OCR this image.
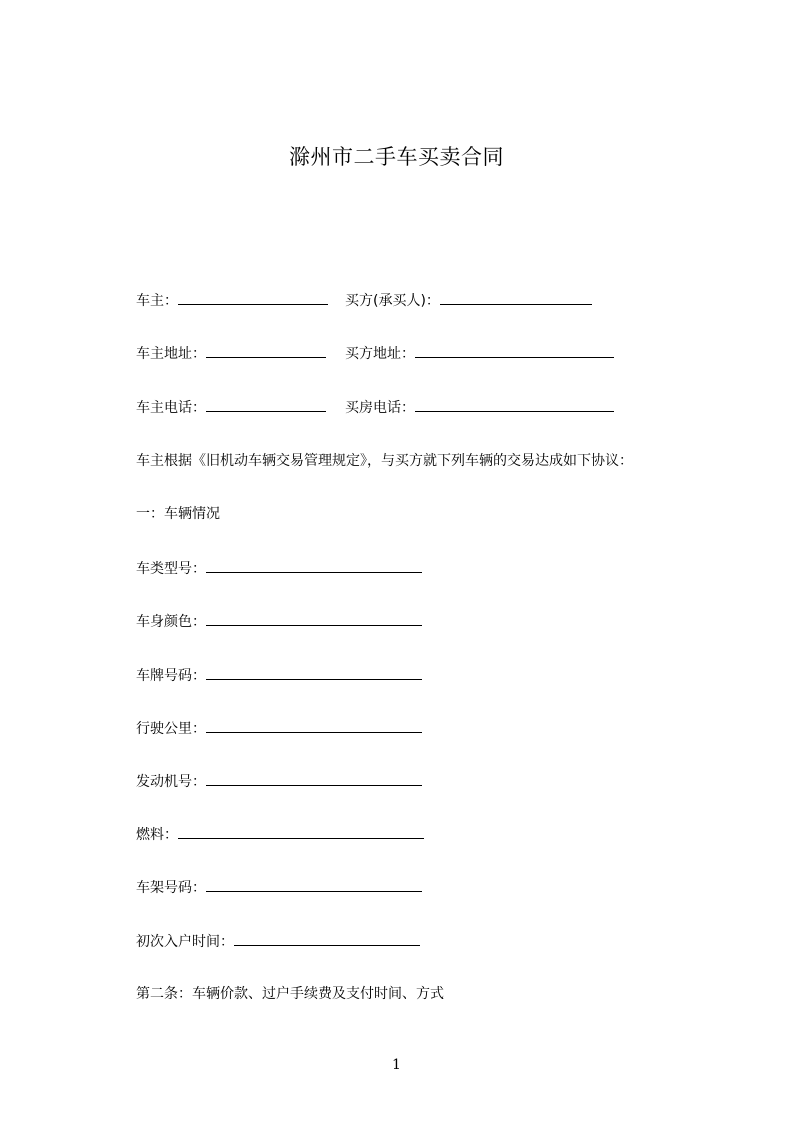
滁州市二手车买卖合同
车主：	买方(承买人)：
车主地址：	买方地址：
车主电话：	买房电话：
车主根据《旧机动车辆交易管理规定》，与买方就下列车辆的交易达成如下协议：
一：车辆情况
车类型号：
车身颜色：
车牌号码：
行驶公里：
发动机号：
燃料：
车架号码：
初次入户时间：
第二条：车辆价款、过户手续费及支付时间、方式
1
